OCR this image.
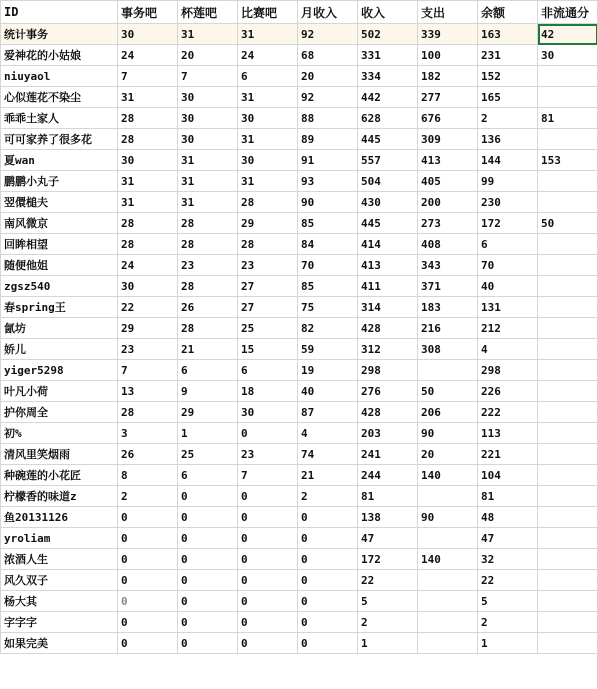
ID	事务吧	杯莲吧	比赛吧	月收入	收入	支出	余额	非流通分
统计事务	30	31	31	92	502	339	163	42
爱神花的小姑娘	24	20	24	68	331	100	231	30
niuyaol	7	7	6	20	334	182	152	
心似莲花不染尘	31	30	31	92	442	277	165	
乖乖土家人	28	30	30	88	628	676	2	81
可可家养了很多花	28	30	31	89	445	309	136	
夏wan	30	31	30	91	557	413	144	153
鹏鹏小丸子	31	31	31	93	504	405	99	
翌儇槌夫	31	31	28	90	430	200	230	
南风微京	28	28	29	85	445	273	172	50
回眸相望	28	28	28	84	414	408	6	
随便他姐	24	23	23	70	413	343	70	
zgsz540	30	28	27	85	411	371	40	
春spring王	22	26	27	75	314	183	131	
氤坊	29	28	25	82	428	216	212	
娇儿	23	21	15	59	312	308	4	
yiger5298	7	6	6	19	298		298	
叶凡小荷	13	9	18	40	276	50	226	
护你周全	28	29	30	87	428	206	222	
初%	3	1	0	4	203	90	113	
清风里笑烟雨	26	25	23	74	241	20	221	
种碗莲的小花匠	8	6	7	21	244	140	104	
柠檬香的味道z	2	0	0	2	81		81	
鱼20131126	0	0	0	0	138	90	48	
yroliam	0	0	0	0	47		47	
浓酒人生	0	0	0	0	172	140	32	
风久双子	0	0	0	0	22		22	
杨大其	0	0	0	0	5		5	
字字字	0	0	0	0	2		2	
如果完美	0	0	0	0	1		1	
